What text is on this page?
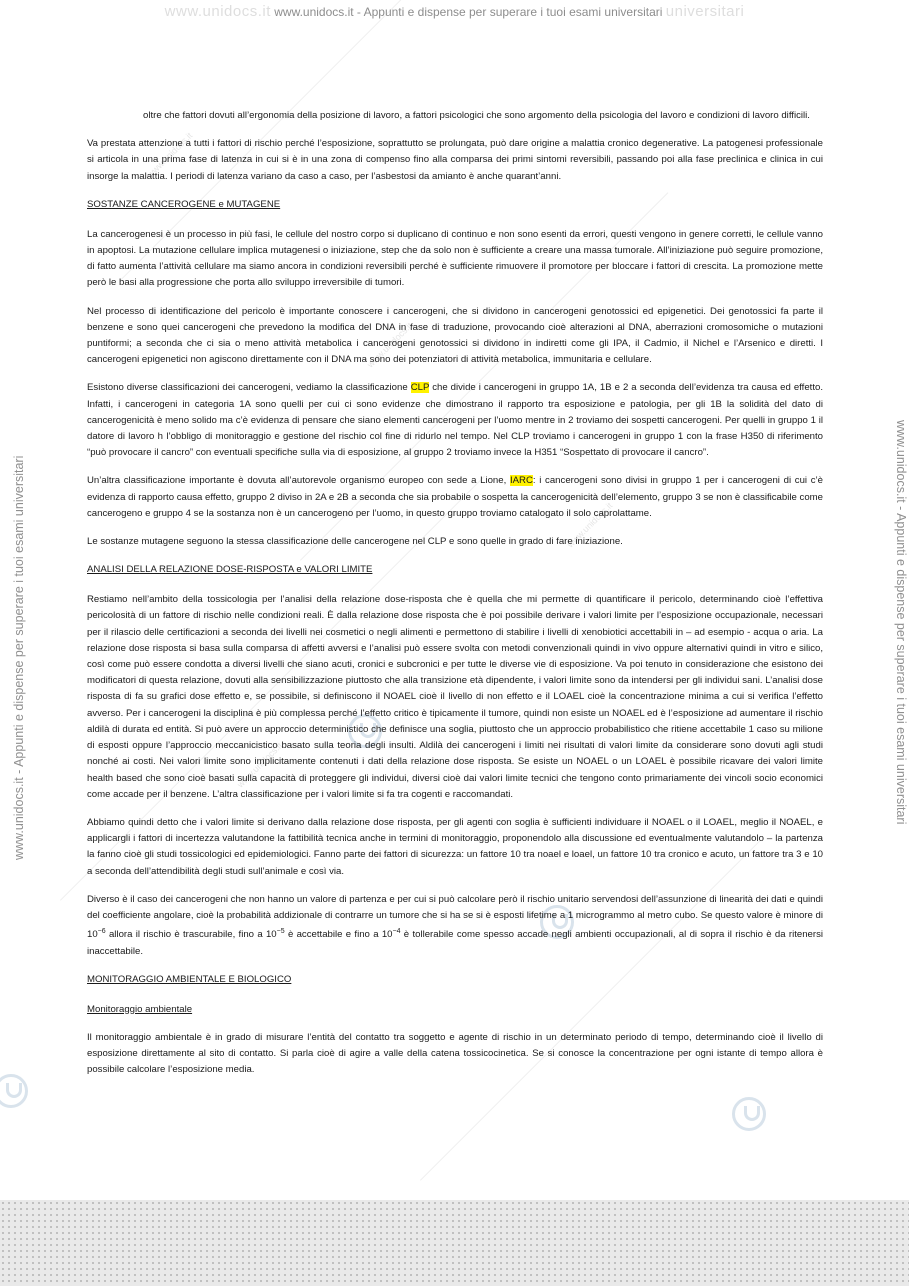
www.unidocs.it
www.unidocs.it
www.unidocs.it
www.unidocs.it
www.unidocs.it www.unidocs.it - Appunti e dispense per superare i tuoi esami universitari universitari
www.unidocs.it - Appunti e dispense per superare i tuoi esami universitari	www.unidocs.it - Appunti e dispense per superare i tuoi esami universitari

oltre che fattori dovuti all’ergonomia della posizione di lavoro, a fattori psicologici che sono argomento della psicologia del lavoro e condizioni di lavoro difficili.

Va prestata attenzione a tutti i fattori di rischio perché l’esposizione, soprattutto se prolungata, può dare origine a malattia cronico degenerative. La patogenesi professionale si articola in una prima fase di latenza in cui si è in una zona di compenso fino alla comparsa dei primi sintomi reversibili, passando poi alla fase preclinica e clinica in cui insorge la malattia. I periodi di latenza variano da caso a caso, per l’asbestosi da amianto è anche quarant’anni.

SOSTANZE CANCEROGENE e MUTAGENE

La cancerogenesi è un processo in più fasi, le cellule del nostro corpo si duplicano di continuo e non sono esenti da errori, questi vengono in genere corretti, le cellule vanno in apoptosi. La mutazione cellulare implica mutagenesi o iniziazione, step che da solo non è sufficiente a creare una massa tumorale. All’iniziazione può seguire promozione, di fatto aumenta l’attività cellulare ma siamo ancora in condizioni reversibili perché è sufficiente rimuovere il promotore per bloccare i fattori di crescita. La promozione mette però le basi alla progressione che porta allo sviluppo irreversibile di tumori.

Nel processo di identificazione del pericolo è importante conoscere i cancerogeni, che si dividono in cancerogeni genotossici ed epigenetici. Dei genotossici fa parte il benzene e sono quei cancerogeni che prevedono la modifica del DNA in fase di traduzione, provocando cioè alterazioni al DNA, aberrazioni cromosomiche o mutazioni puntiformi; a seconda che ci sia o meno attività metabolica i cancerogeni genotossici si dividono in indiretti come gli IPA, il Cadmio, il Nichel e l’Arsenico e diretti. I cancerogeni epigenetici non agiscono direttamente con il DNA ma sono dei potenziatori di attività metabolica, immunitaria e cellulare.

Esistono diverse classificazioni dei cancerogeni, vediamo la classificazione CLP che divide i cancerogeni in gruppo 1A, 1B e 2 a seconda dell’evidenza tra causa ed effetto. Infatti, i cancerogeni in categoria 1A sono quelli per cui ci sono evidenze che dimostrano il rapporto tra esposizione e patologia, per gli 1B la solidità del dato di cancerogenicità è meno solido ma c’è evidenza di pensare che siano elementi cancerogeni per l’uomo mentre in 2 troviamo dei sospetti cancerogeni. Per quelli in gruppo 1 il datore di lavoro h l’obbligo di monitoraggio e gestione del rischio col fine di ridurlo nel tempo. Nel CLP troviamo i cancerogeni in gruppo 1 con la frase H350 di riferimento “può provocare il cancro” con eventuali specifiche sulla via di esposizione, al gruppo 2 troviamo invece la H351 “Sospettato di provocare il cancro”.

Un’altra classificazione importante è dovuta all’autorevole organismo europeo con sede a Lione, IARC: i cancerogeni sono divisi in gruppo 1 per i cancerogeni di cui c’è evidenza di rapporto causa effetto, gruppo 2 diviso in 2A e 2B a seconda che sia probabile o sospetta la cancerogenicità dell’elemento, gruppo 3 se non è classificabile come cancerogeno e gruppo 4 se la sostanza non è un cancerogeno per l’uomo, in questo gruppo troviamo catalogato il solo caprolattame.

Le sostanze mutagene seguono la stessa classificazione delle cancerogene nel CLP e sono quelle in grado di fare iniziazione.

ANALISI DELLA RELAZIONE DOSE-RISPOSTA e VALORI LIMITE

Restiamo nell’ambito della tossicologia per l’analisi della relazione dose-risposta che è quella che mi permette di quantificare il pericolo, determinando cioè l’effettiva pericolosità di un fattore di rischio nelle condizioni reali. È dalla relazione dose risposta che è poi possibile derivare i valori limite per l’esposizione occupazionale, necessari per il rilascio delle certificazioni a seconda dei livelli nei cosmetici o negli alimenti e permettono di stabilire i livelli di xenobiotici accettabili in – ad esempio - acqua o aria. La relazione dose risposta si basa sulla comparsa di affetti avversi e l’analisi può essere svolta con metodi convenzionali quindi in vivo oppure alternativi quindi in vitro e silico, così come può essere condotta a diversi livelli che siano acuti, cronici e subcronici e per tutte le diverse vie di esposizione. Va poi tenuto in considerazione che esistono dei modificatori di questa relazione, dovuti alla sensibilizzazione piuttosto che alla transizione età dipendente, i valori limite sono da intendersi per gli individui sani. L’analisi dose risposta di fa su grafici dose effetto e, se possibile, si definiscono il NOAEL cioè il livello di non effetto e il LOAEL cioè la concentrazione minima a cui si verifica l’effetto avverso. Per i cancerogeni la disciplina è più complessa perché l’effetto critico è tipicamente il tumore, quindi non esiste un NOAEL ed è l’esposizione ad aumentare il rischio aldilà di durata ed entità. Si può avere un approccio deterministico che definisce una soglia, piuttosto che un approccio probabilistico che ritiene accettabile 1 caso su milione di esposti oppure l’approccio meccanicistico basato sulla teoria degli insulti. Aldilà dei cancerogeni i limiti nei risultati di valori limite da considerare sono dovuti agli studi nonché ai costi. Nei valori limite sono implicitamente contenuti i dati della relazione dose risposta. Se esiste un NOAEL o un LOAEL è possibile ricavare dei valori limite health based che sono cioè basati sulla capacità di proteggere gli individui, diversi cioè dai valori limite tecnici che tengono conto primariamente dei vincoli socio economici come accade per il benzene. L’altra classificazione per i valori limite si fa tra cogenti e raccomandati.

Abbiamo quindi detto che i valori limite si derivano dalla relazione dose risposta, per gli agenti con soglia è sufficienti individuare il NOAEL o il LOAEL, meglio il NOAEL, e applicargli i fattori di incertezza valutandone la fattibilità tecnica anche in termini di monitoraggio, proponendolo alla discussione ed eventualmente valutandolo – la partenza la fanno cioè gli studi tossicologici ed epidemiologici. Fanno parte dei fattori di sicurezza: un fattore 10 tra noael e loael, un fattore 10 tra cronico e acuto, un fattore tra 3 e 10 a seconda dell’attendibilità degli studi sull’animale e così via.

Diverso è il caso dei cancerogeni che non hanno un valore di partenza e per cui si può calcolare però il rischio unitario servendosi dell’assunzione di linearità dei dati e quindi del coefficiente angolare, cioè la probabilità addizionale di contrarre un tumore che si ha se si è esposti lifetime a 1 microgrammo al metro cubo. Se questo valore è minore di $10^{-6}$ allora il rischio è trascurabile, fino a $10^{-5}$ è accettabile e fino a $10^{-4}$ è tollerabile come spesso accade negli ambienti occupazionali, al di sopra il rischio è da ritenersi inaccettabile.

MONITORAGGIO AMBIENTALE E BIOLOGICO
Monitoraggio ambientale

Il monitoraggio ambientale è in grado di misurare l’entità del contatto tra soggetto e agente di rischio in un determinato periodo di tempo, determinando cioè il livello di esposizione direttamente al sito di contatto. Si parla cioè di agire a valle della catena tossicocinetica. Se si conosce la concentrazione per ogni istante di tempo allora è possibile calcolare l’esposizione media.
